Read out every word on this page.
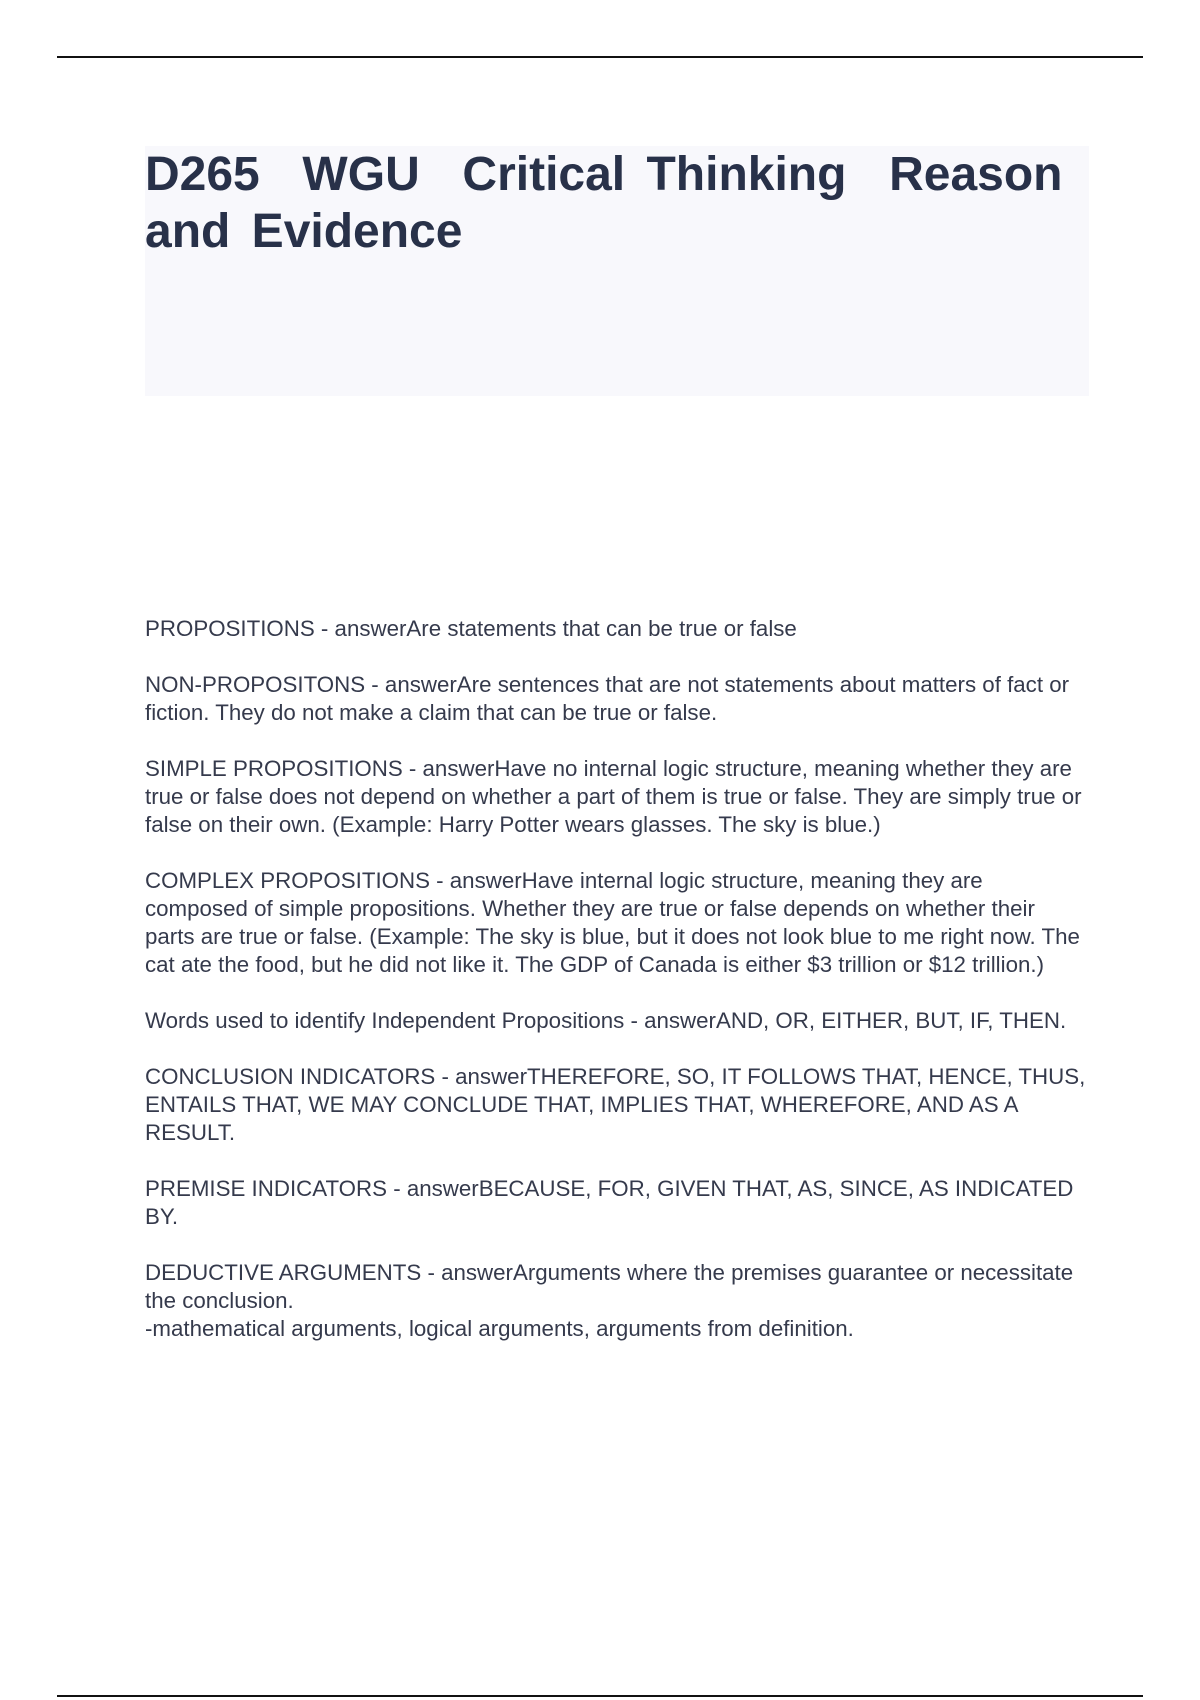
D265  WGU  Critical Thinking  Reason and Evidence

PROPOSITIONS - answerAre statements that can be true or false

NON-PROPOSITONS - answerAre sentences that are not statements about matters of fact or fiction. They do not make a claim that can be true or false.

SIMPLE PROPOSITIONS - answerHave no internal logic structure, meaning whether they are true or false does not depend on whether a part of them is true or false. They are simply true or false on their own. (Example: Harry Potter wears glasses. The sky is blue.)

COMPLEX PROPOSITIONS - answerHave internal logic structure, meaning they are composed of simple propositions. Whether they are true or false depends on whether their parts are true or false. (Example: The sky is blue, but it does not look blue to me right now. The cat ate the food, but he did not like it. The GDP of Canada is either $3 trillion or $12 trillion.)

Words used to identify Independent Propositions - answerAND, OR, EITHER, BUT, IF, THEN.

CONCLUSION INDICATORS - answerTHEREFORE, SO, IT FOLLOWS THAT, HENCE, THUS, ENTAILS THAT, WE MAY CONCLUDE THAT, IMPLIES THAT, WHEREFORE, AND AS A RESULT.

PREMISE INDICATORS - answerBECAUSE, FOR, GIVEN THAT, AS, SINCE, AS INDICATED BY.

DEDUCTIVE ARGUMENTS - answerArguments where the premises guarantee or necessitate the conclusion.
-mathematical arguments, logical arguments, arguments from definition.
